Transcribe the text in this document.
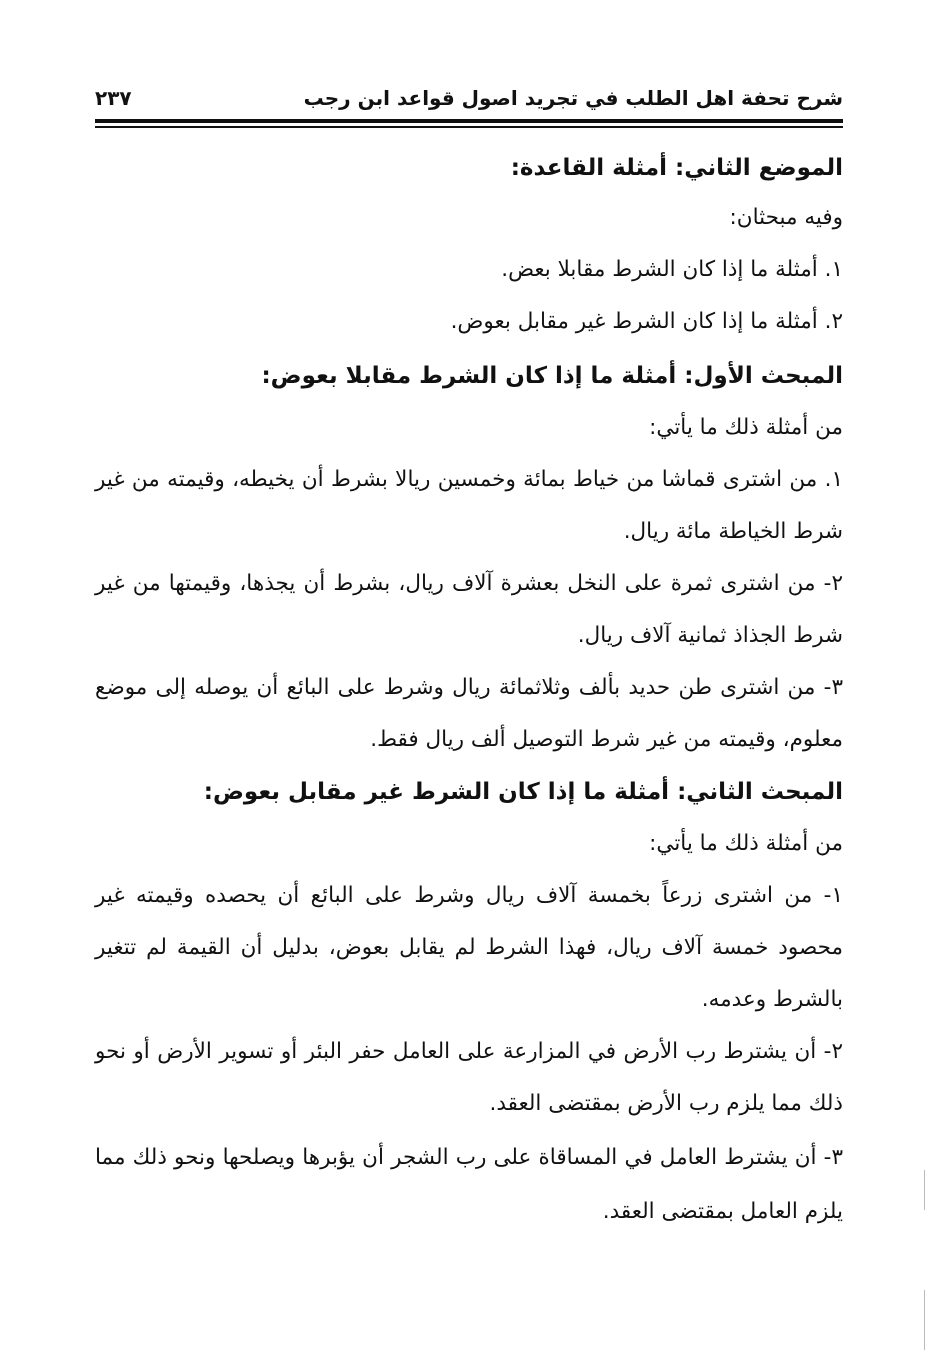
شرح تحفة اهل الطلب في تجريد اصول قواعد ابن رجب
٢٣٧
الموضع الثاني: أمثلة القاعدة:
وفيه مبحثان:
١. أمثلة ما إذا كان الشرط مقابلا بعض.
٢. أمثلة ما إذا كان الشرط غير مقابل بعوض.
المبحث الأول: أمثلة ما إذا كان الشرط مقابلا بعوض:
من أمثلة ذلك ما يأتي:
١. من اشترى قماشا من خياط بمائة وخمسين ريالا بشرط أن يخيطه، وقيمته من غير
شرط الخياطة مائة ريال.
٢- من اشترى ثمرة على النخل بعشرة آلاف ريال، بشرط أن يجذها، وقيمتها من غير
شرط الجذاذ ثمانية آلاف ريال.
٣- من اشترى طن حديد بألف وثلاثمائة ريال وشرط على البائع أن يوصله إلى موضع
معلوم، وقيمته من غير شرط التوصيل ألف ريال فقط.
المبحث الثاني: أمثلة ما إذا كان الشرط غير مقابل بعوض:
من أمثلة ذلك ما يأتي:
١- من اشترى زرعاً بخمسة آلاف ريال وشرط على البائع أن يحصده وقيمته غير
محصود خمسة آلاف ريال، فهذا الشرط لم يقابل بعوض، بدليل أن القيمة لم تتغير
بالشرط وعدمه.
٢- أن يشترط رب الأرض في المزارعة على العامل حفر البئر أو تسوير الأرض أو نحو
ذلك مما يلزم رب الأرض بمقتضى العقد.
٣- أن يشترط العامل في المساقاة على رب الشجر أن يؤبرها ويصلحها ونحو ذلك مما
يلزم العامل بمقتضى العقد.
